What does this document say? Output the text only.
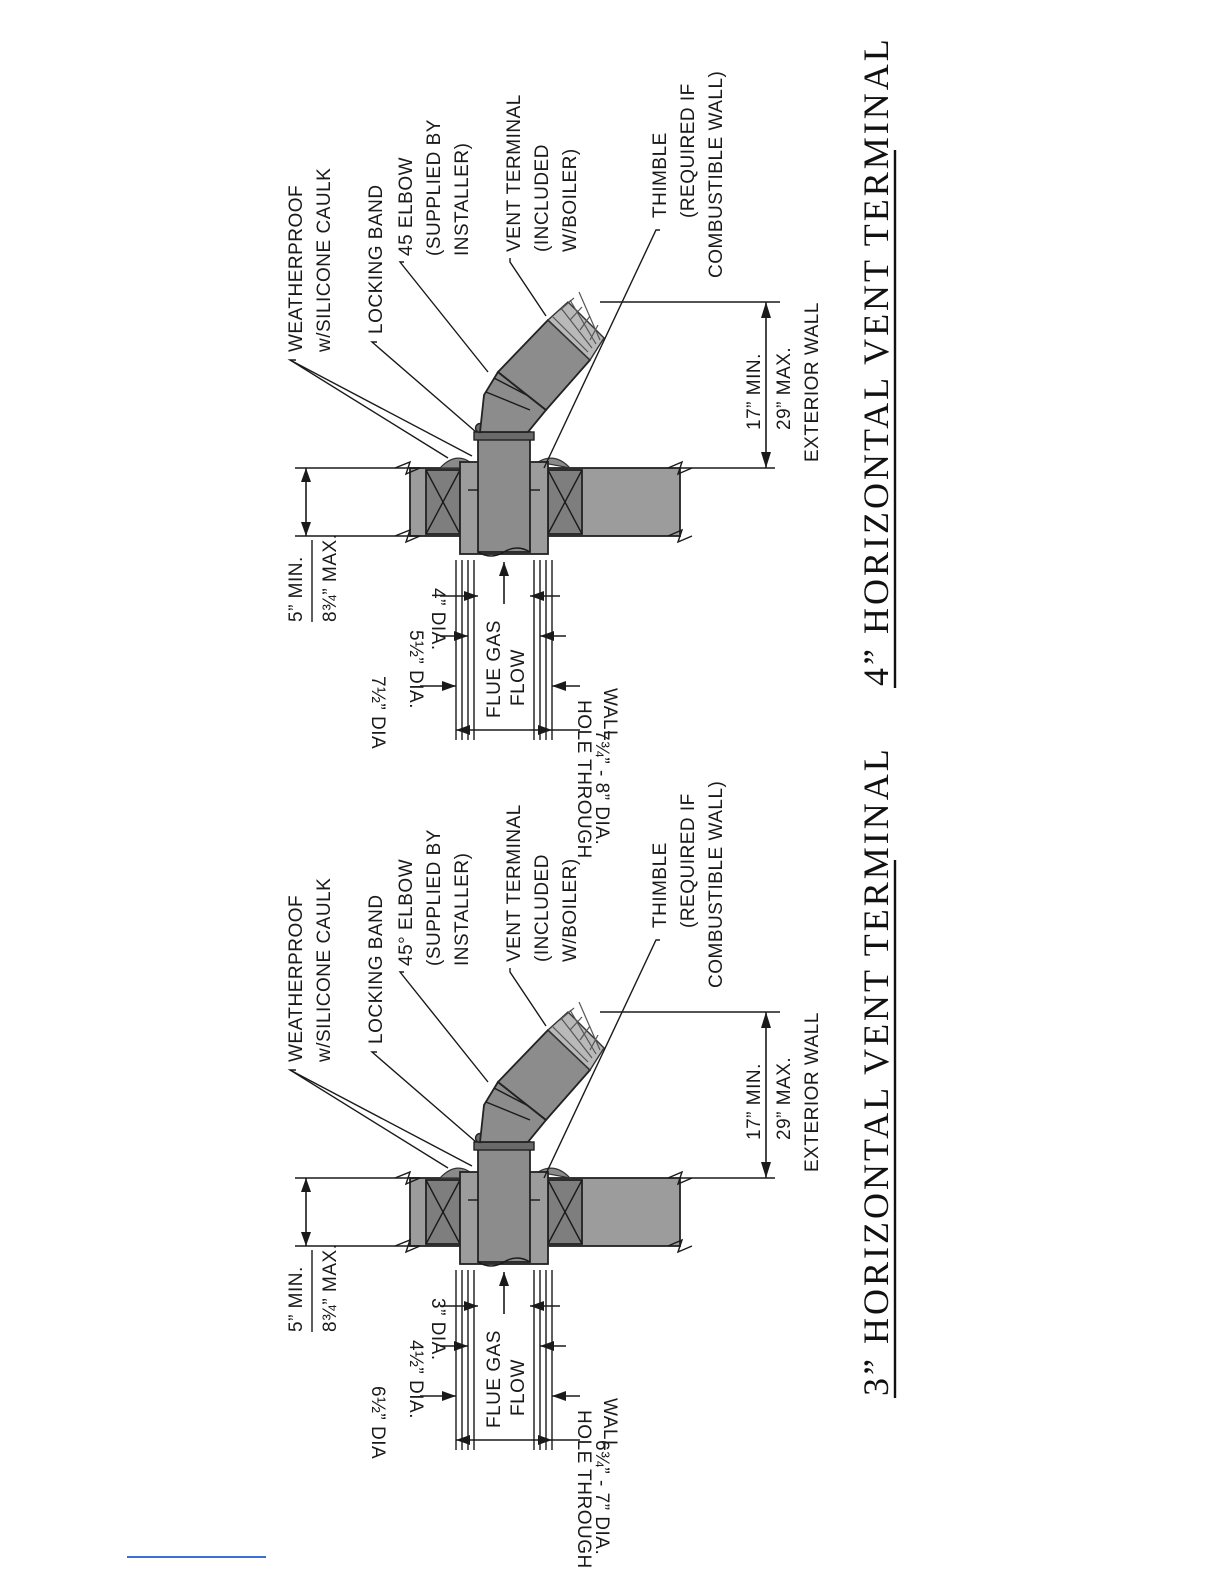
17” MIN. 29” MAX. EXTERIOR WALL
5” MIN. 8¾” MAX.
WEATHERPROOF w/SILICONE CAULK LOCKING BAND 45 ELBOW (SUPPLIED BY INSTALLER) VENT TERMINAL (INCLUDED W/BOILER)	THIMBLE (REQUIRED IF COMBUSTIBLE WALL)
4” DIA.
5½” DIA.
7½” DIA	FLUE GAS FLOW
HOLE THROUGH WALL
7¾” - 8” DIA.
4” HORIZONTAL VENT TERMINAL
17” MIN. 29” MAX. EXTERIOR WALL
5” MIN. 8¾” MAX.
WEATHERPROOF w/SILICONE CAULK LOCKING BAND 45° ELBOW (SUPPLIED BY INSTALLER) VENT TERMINAL (INCLUDED W/BOILER)	THIMBLE (REQUIRED IF COMBUSTIBLE WALL)
3” DIA.
4½” DIA.
6½” DIA	FLUE GAS FLOW
HOLE THROUGH WALL
6¾” - 7” DIA.
3” HORIZONTAL VENT TERMINAL
